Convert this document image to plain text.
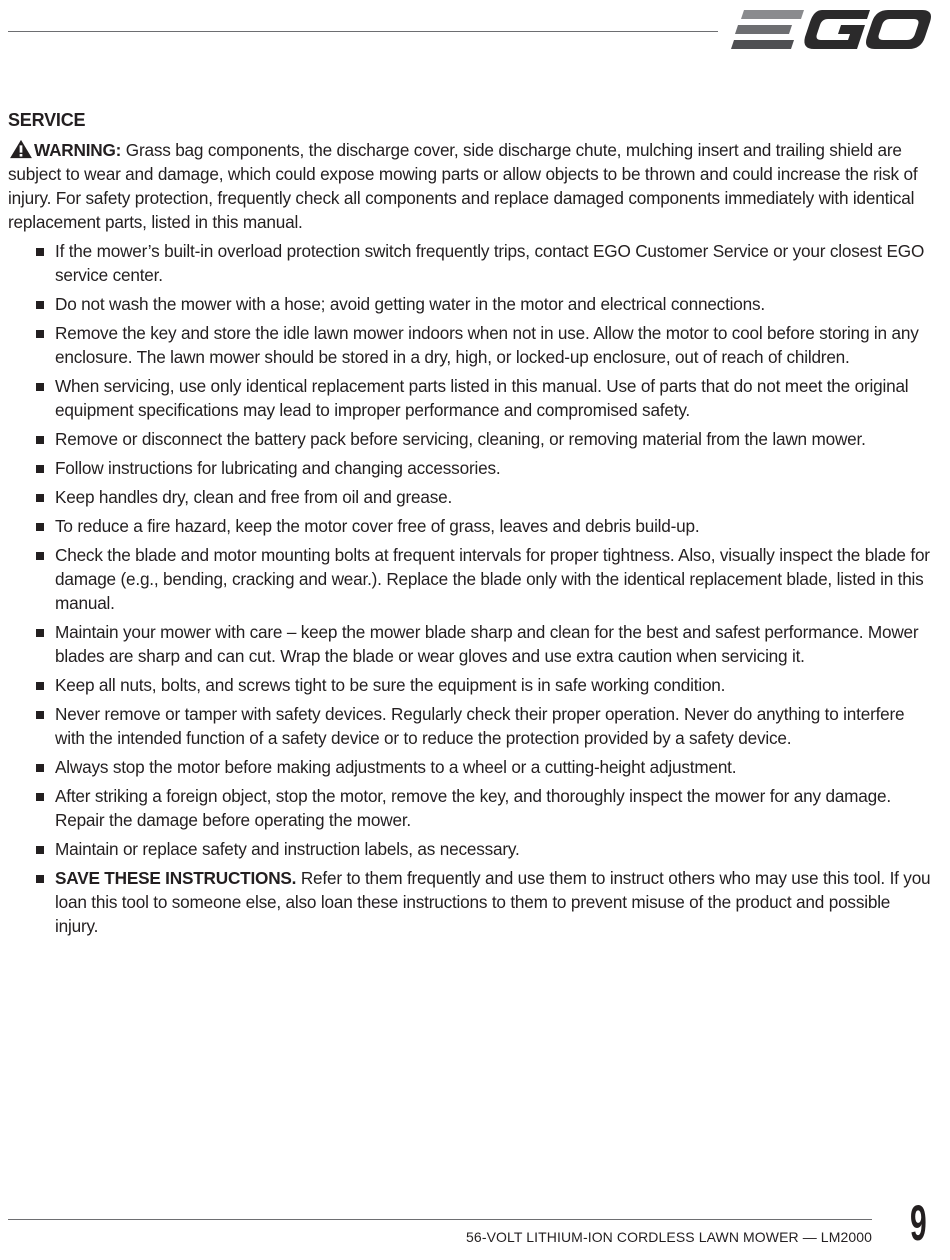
EGO
SERVICE

WARNING: Grass bag components, the discharge cover, side discharge chute, mulching insert and trailing shield are subject to wear and damage, which could expose mowing parts or allow objects to be thrown and could increase the risk of injury. For safety protection, frequently check all components and replace damaged components immediately with identical replacement parts, listed in this manual.

If the mower’s built-in overload protection switch frequently trips, contact EGO Customer Service or your closest EGO service center.
Do not wash the mower with a hose; avoid getting water in the motor and electrical connections.
Remove the key and store the idle lawn mower indoors when not in use. Allow the motor to cool before storing in any enclosure. The lawn mower should be stored in a dry, high, or locked-up enclosure, out of reach of children.
When servicing, use only identical replacement parts listed in this manual. Use of parts that do not meet the original equipment specifications may lead to improper performance and compromised safety.
Remove or disconnect the battery pack before servicing, cleaning, or removing material from the lawn mower.
Follow instructions for lubricating and changing accessories.
Keep handles dry, clean and free from oil and grease.
To reduce a fire hazard, keep the motor cover free of grass, leaves and debris build-up.
Check the blade and motor mounting bolts at frequent intervals for proper tightness. Also, visually inspect the blade for damage (e.g., bending, cracking and wear.). Replace the blade only with the identical replacement blade, listed in this manual.
Maintain your mower with care – keep the mower blade sharp and clean for the best and safest performance. Mower blades are sharp and can cut. Wrap the blade or wear gloves and use extra caution when servicing it.
Keep all nuts, bolts, and screws tight to be sure the equipment is in safe working condition.
Never remove or tamper with safety devices. Regularly check their proper operation. Never do anything to interfere with the intended function of a safety device or to reduce the protection provided by a safety device.
Always stop the motor before making adjustments to a wheel or a cutting-height adjustment.
After striking a foreign object, stop the motor, remove the key, and thoroughly inspect the mower for any damage. Repair the damage before operating the mower.
Maintain or replace safety and instruction labels, as necessary.
SAVE THESE INSTRUCTIONS. Refer to them frequently and use them to instruct others who may use this tool. If you loan this tool to someone else, also loan these instructions to them to prevent misuse of the product and possible injury.
56-VOLT LITHIUM-ION CORDLESS LAWN MOWER — LM2000 9
